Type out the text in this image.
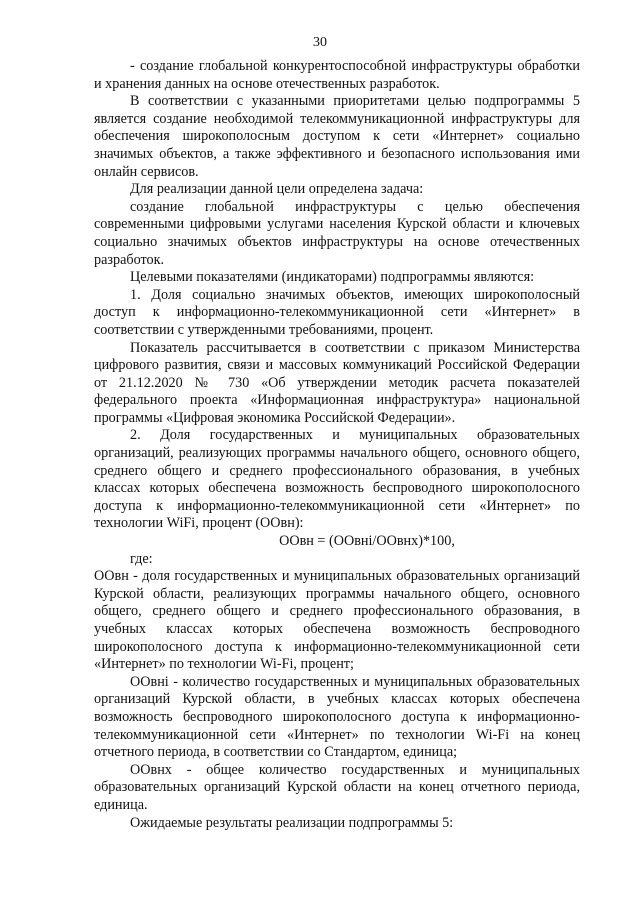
30

- создание глобальной конкурентоспособной инфраструктуры обработки и хранения данных на основе отечественных разработок.

В соответствии с указанными приоритетами целью подпрограммы 5 является создание необходимой телекоммуникационной инфраструктуры для обеспечения широкополосным доступом к сети «Интернет» социально значимых объектов, а также эффективного и безопасного использования ими онлайн сервисов.

Для реализации данной цели определена задача:

создание глобальной инфраструктуры с целью обеспечения современными цифровыми услугами населения Курской области и ключевых социально значимых объектов инфраструктуры на основе отечественных разработок.

Целевыми показателями (индикаторами) подпрограммы являются:

1. Доля социально значимых объектов, имеющих широкополосный доступ к информационно-телекоммуникационной сети «Интернет» в соответствии с утвержденными требованиями, процент.

Показатель рассчитывается в соответствии с приказом Министерства цифрового развития, связи и массовых коммуникаций Российской Федерации от 21.12.2020 № 730 «Об утверждении методик расчета показателей федерального проекта «Информационная инфраструктура» национальной программы «Цифровая экономика Российской Федерации».

2. Доля государственных и муниципальных образовательных организаций, реализующих программы начального общего, основного общего, среднего общего и среднего профессионального образования, в учебных классах которых обеспечена возможность беспроводного широкополосного доступа к информационно-телекоммуникационной сети «Интернет» по технологии WiFi, процент (ООвн):

ООвн = (ООвнi/ООвнх)*100,

где:

ООвн - доля государственных и муниципальных образовательных организаций Курской области, реализующих программы начального общего, основного общего, среднего общего и среднего профессионального образования, в учебных классах которых обеспечена возможность беспроводного широкополосного доступа к информационно-телекоммуникационной сети «Интернет» по технологии Wi-Fi, процент;

ООвнi - количество государственных и муниципальных образовательных организаций Курской области, в учебных классах которых обеспечена возможность беспроводного широкополосного доступа к информационно-телекоммуникационной сети «Интернет» по технологии Wi-Fi на конец отчетного периода, в соответствии со Стандартом, единица;

ООвнх - общее количество государственных и муниципальных образовательных организаций Курской области на конец отчетного периода, единица.

Ожидаемые результаты реализации подпрограммы 5:
